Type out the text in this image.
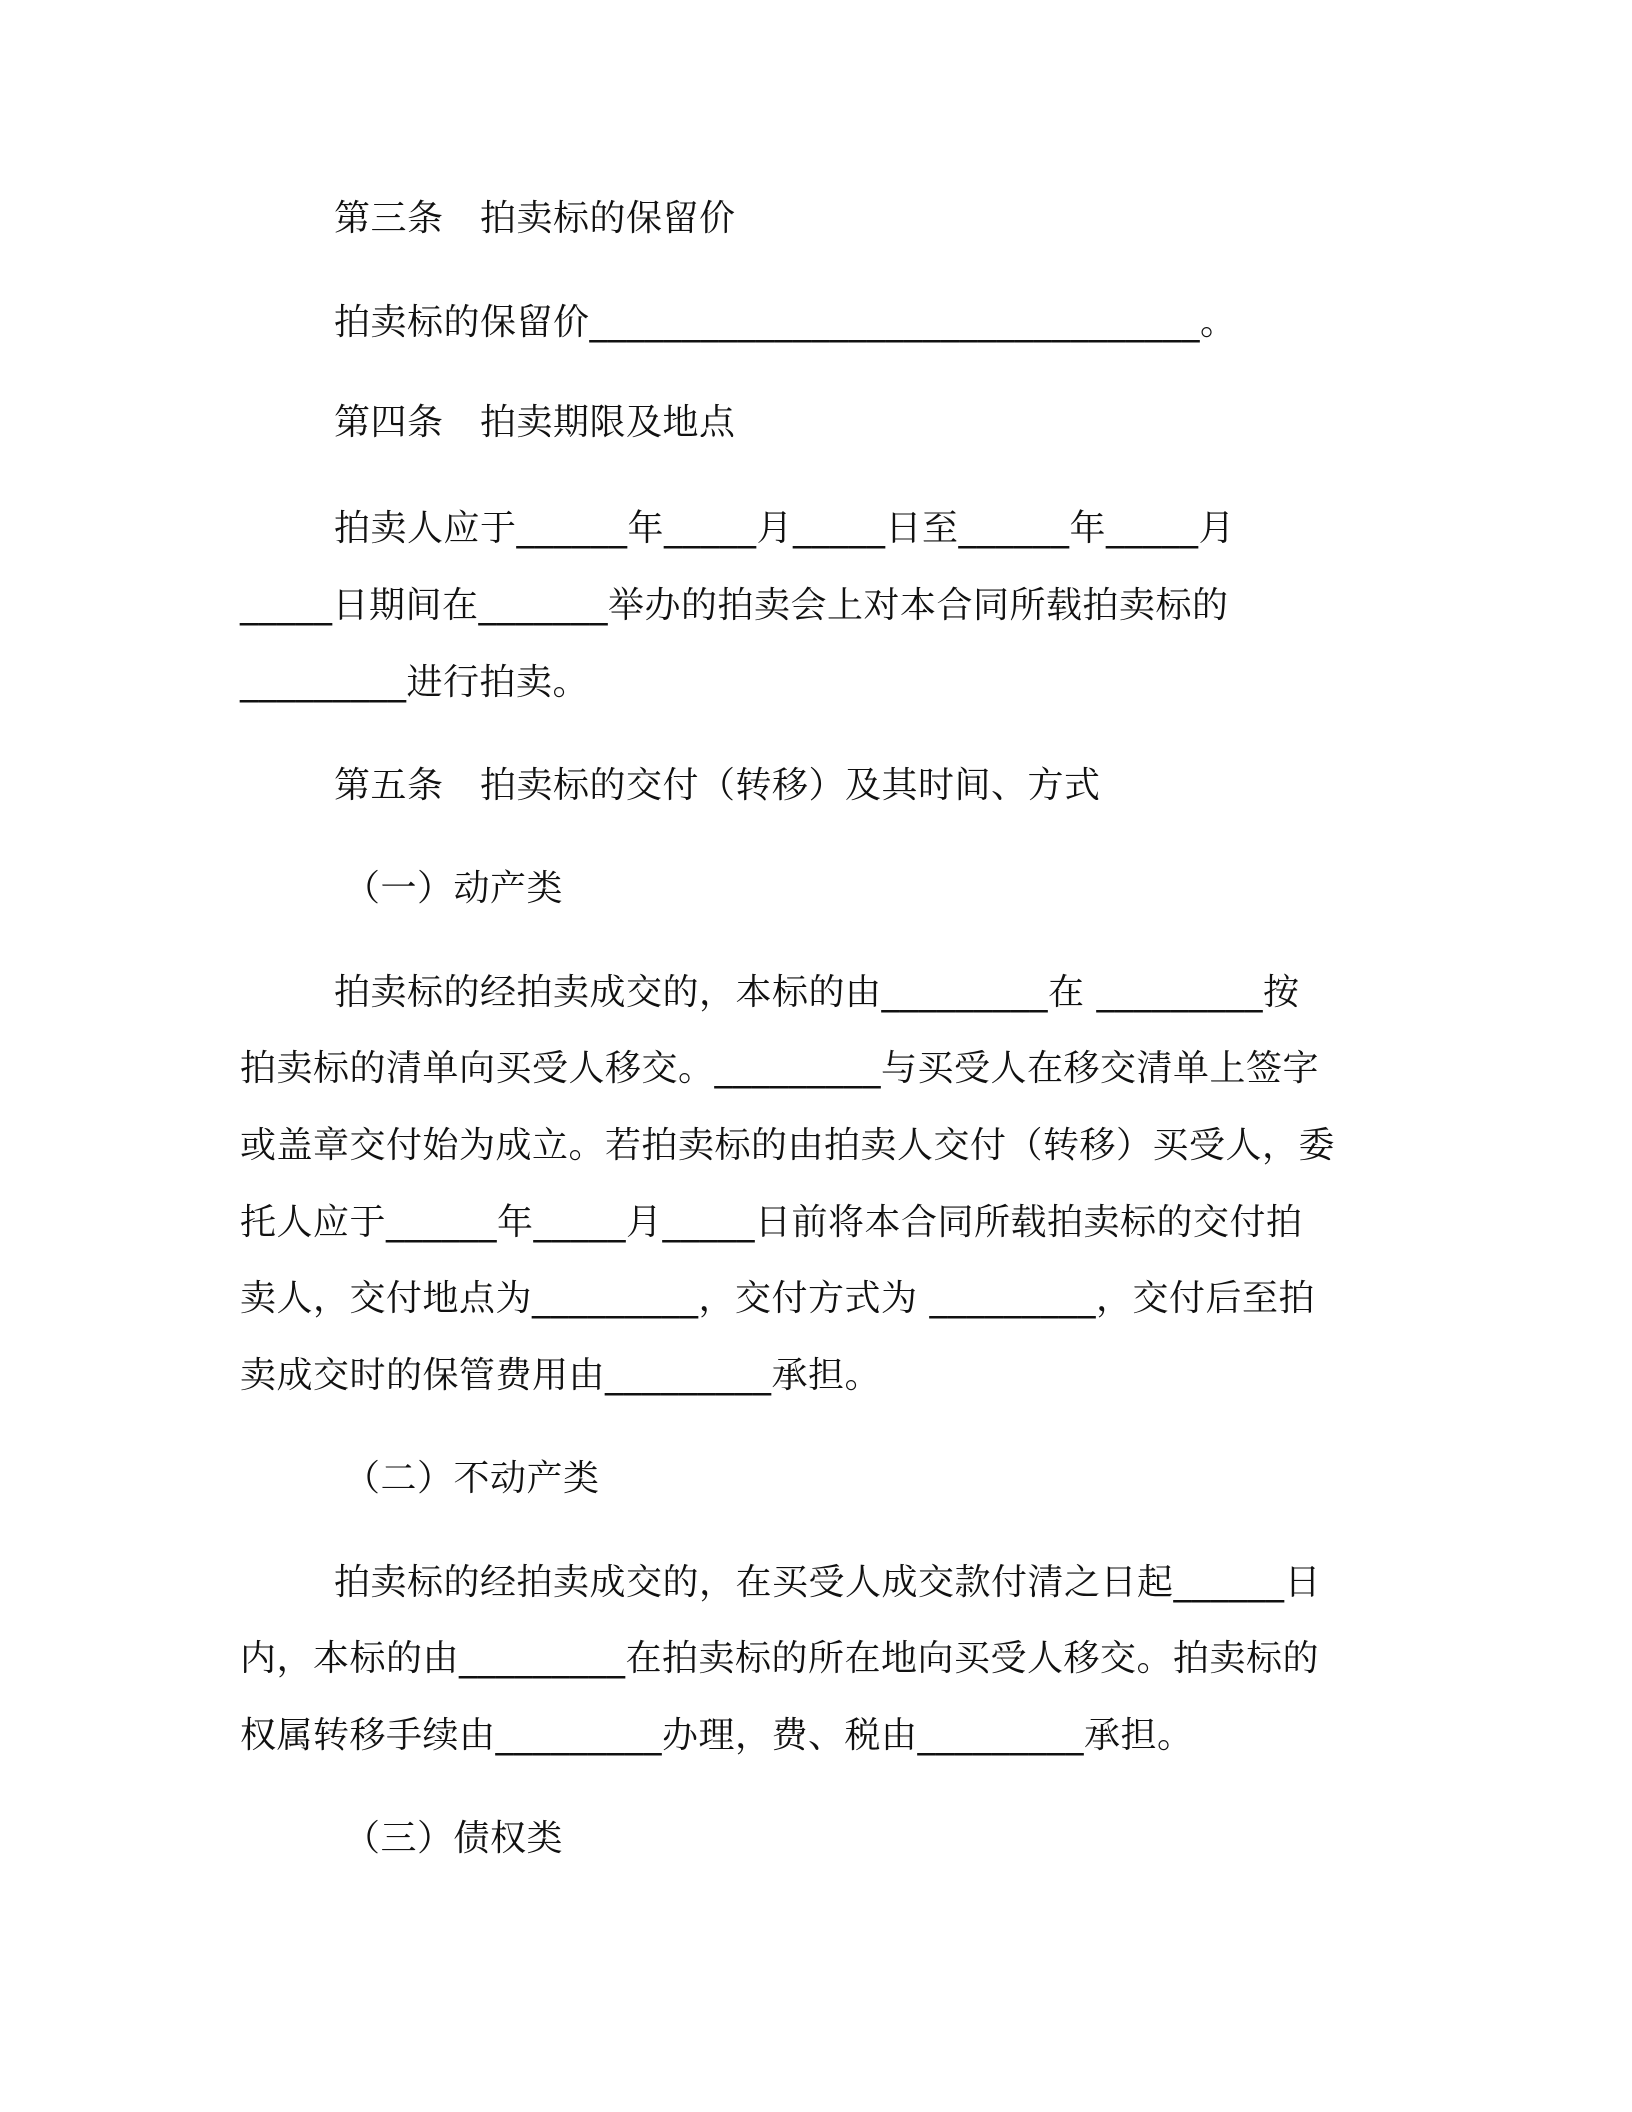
第三条　拍卖标的保留价

拍卖标的保留价_________________________________。

第四条　拍卖期限及地点

拍卖人应于______年_____月_____日至______年_____月

_____日期间在_______举办的拍卖会上对本合同所载拍卖标的

_________进行拍卖。

第五条　拍卖标的交付（转移）及其时间、方式

（一）动产类

拍卖标的经拍卖成交的，本标的由_________在 _________按

拍卖标的清单向买受人移交。_________与买受人在移交清单上签字

或盖章交付始为成立。若拍卖标的由拍卖人交付（转移）买受人，委

托人应于______年_____月_____日前将本合同所载拍卖标的交付拍

卖人，交付地点为_________，交付方式为 _________，交付后至拍

卖成交时的保管费用由_________承担。

（二）不动产类

拍卖标的经拍卖成交的，在买受人成交款付清之日起______日

内，本标的由_________在拍卖标的所在地向买受人移交。拍卖标的

权属转移手续由_________办理，费、税由_________承担。

（三）债权类
